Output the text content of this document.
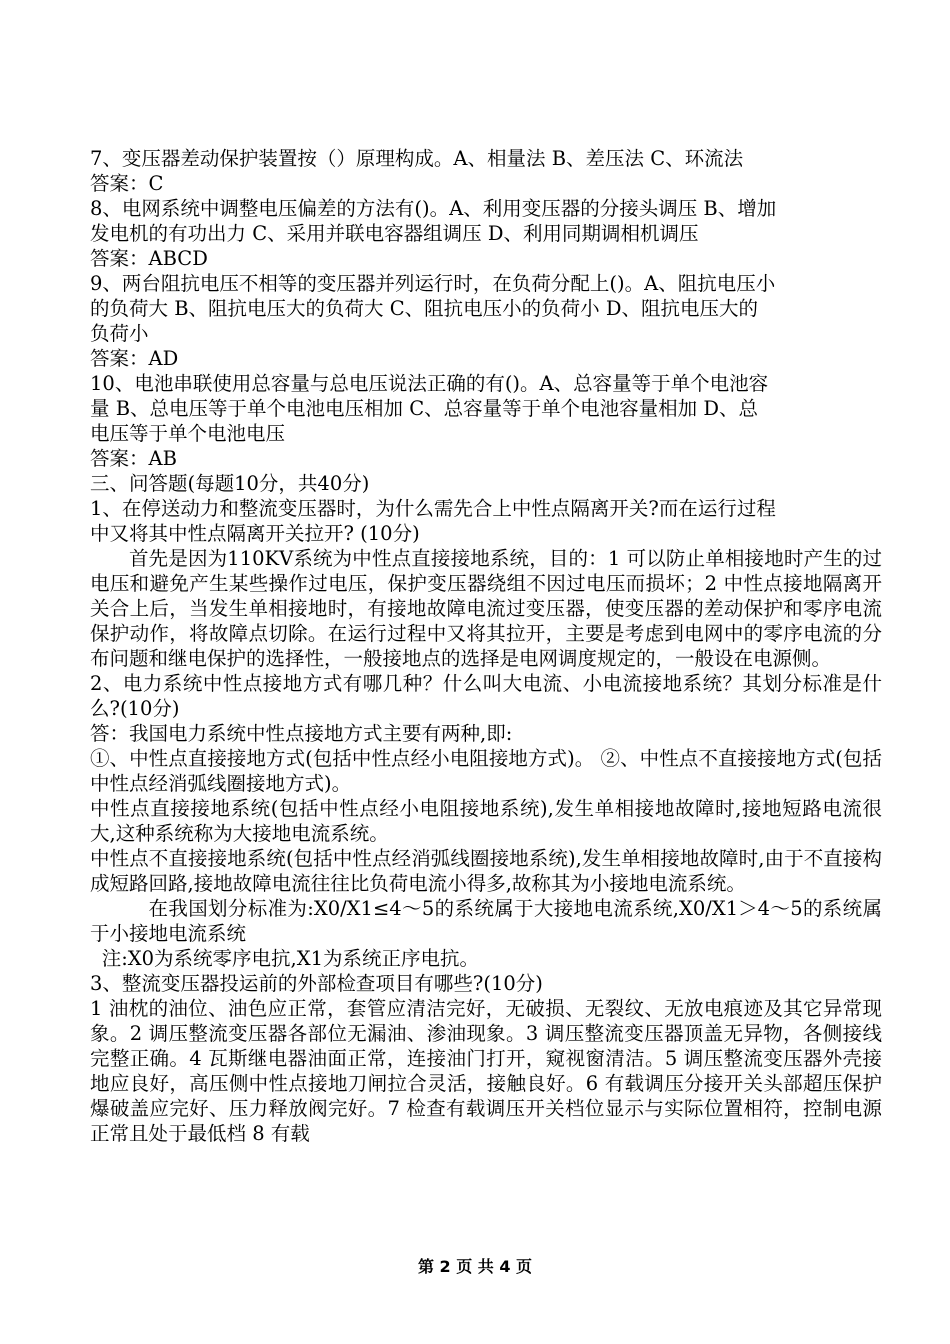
7、变压器差动保护装置按（）原理构成。A、相量法 B、差压法 C、环流法

答案：C

8、电网系统中调整电压偏差的方法有()。A、利用变压器的分接头调压 B、增加

发电机的有功出力 C、采用并联电容器组调压 D、利用同期调相机调压

答案：ABCD

9、两台阻抗电压不相等的变压器并列运行时，在负荷分配上()。A、阻抗电压小

的负荷大 B、阻抗电压大的负荷大 C、阻抗电压小的负荷小 D、阻抗电压大的

负荷小

答案：AD

10、电池串联使用总容量与总电压说法正确的有()。A、总容量等于单个电池容

量 B、总电压等于单个电池电压相加 C、总容量等于单个电池容量相加 D、总

电压等于单个电池电压

答案：AB

三、问答题(每题10分，共40分)

1、在停送动力和整流变压器时，为什么需先合上中性点隔离开关?而在运行过程

中又将其中性点隔离开关拉开? (10分)

首先是因为110KV系统为中性点直接接地系统，目的：1 可以防止单相接地时产生的过电压和避免产生某些操作过电压，保护变压器绕组不因过电压而损坏；2 中性点接地隔离开关合上后，当发生单相接地时，有接地故障电流过变压器，使变压器的差动保护和零序电流保护动作，将故障点切除。在运行过程中又将其拉开，主要是考虑到电网中的零序电流的分布问题和继电保护的选择性，一般接地点的选择是电网调度规定的，一般设在电源侧。

2、电力系统中性点接地方式有哪几种？什么叫大电流、小电流接地系统？其划分标准是什么?(10分)

答：我国电力系统中性点接地方式主要有两种,即:

①、中性点直接接地方式(包括中性点经小电阻接地方式)。 ②、中性点不直接接地方式(包括中性点经消弧线圈接地方式)。

中性点直接接地系统(包括中性点经小电阻接地系统),发生单相接地故障时,接地短路电流很大,这种系统称为大接地电流系统。

中性点不直接接地系统(包括中性点经消弧线圈接地系统),发生单相接地故障时,由于不直接构成短路回路,接地故障电流往往比负荷电流小得多,故称其为小接地电流系统。

在我国划分标准为:X0/X1≤4～5的系统属于大接地电流系统,X0/X1＞4～5的系统属于小接地电流系统

注:X0为系统零序电抗,X1为系统正序电抗。

3、整流变压器投运前的外部检查项目有哪些?(10分)

1 油枕的油位、油色应正常，套管应清洁完好，无破损、无裂纹、无放电痕迹及其它异常现象。2 调压整流变压器各部位无漏油、渗油现象。3 调压整流变压器顶盖无异物，各侧接线完整正确。4 瓦斯继电器油面正常，连接油门打开，窥视窗清洁。5 调压整流变压器外壳接地应良好，高压侧中性点接地刀闸拉合灵活，接触良好。6 有载调压分接开关头部超压保护爆破盖应完好、压力释放阀完好。7 检查有载调压开关档位显示与实际位置相符，控制电源正常且处于最低档 8 有载

第 2 页 共 4 页
